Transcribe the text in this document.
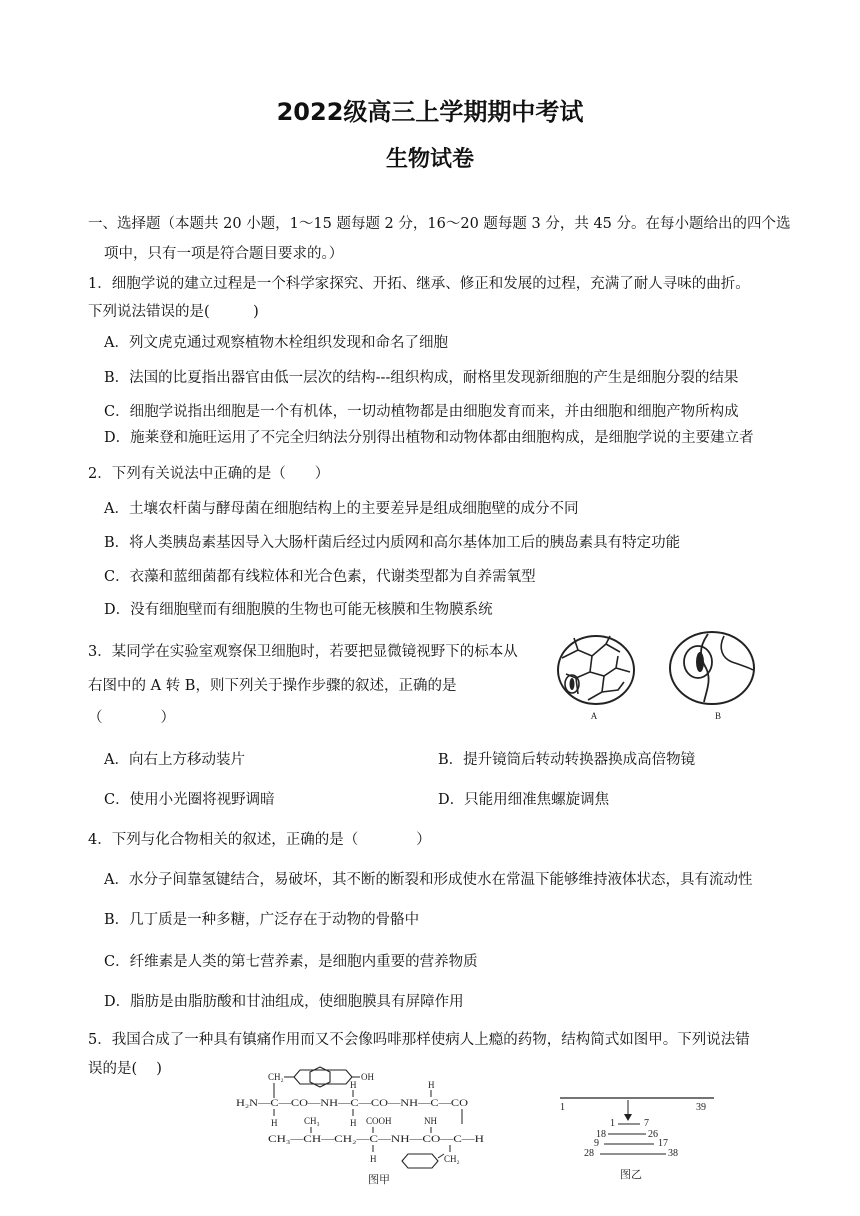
2022级高三上学期期中考试
生物试卷
一、选择题（本题共 20 小题，1～15 题每题 2 分，16～20 题每题 3 分，共 45 分。在每小题给出的四个选
项中，只有一项是符合题目要求的。）
1．细胞学说的建立过程是一个科学家探究、开拓、继承、修正和发展的过程，充满了耐人寻味的曲折。
下列说法错误的是(　　　)
A．列文虎克通过观察植物木栓组织发现和命名了细胞
B．法国的比夏指出器官由低一层次的结构---组织构成，耐格里发现新细胞的产生是细胞分裂的结果
C．细胞学说指出细胞是一个有机体，一切动植物都是由细胞发育而来，并由细胞和细胞产物所构成
D．施莱登和施旺运用了不完全归纳法分别得出植物和动物体都由细胞构成，是细胞学说的主要建立者
2．下列有关说法中正确的是（　　）
A．土壤农杆菌与酵母菌在细胞结构上的主要差异是组成细胞壁的成分不同
B．将人类胰岛素基因导入大肠杆菌后经过内质网和高尔基体加工后的胰岛素具有特定功能
C．衣藻和蓝细菌都有线粒体和光合色素，代谢类型都为自养需氧型
D．没有细胞壁而有细胞膜的生物也可能无核膜和生物膜系统
3．某同学在实验室观察保卫细胞时，若要把显微镜视野下的标本从
右图中的 A 转 B，则下列关于操作步骤的叙述，正确的是
（　　　　）	A	B
A．向右上方移动装片	B．提升镜筒后转动转换器换成高倍物镜
C．使用小光圈将视野调暗	D．只能用细准焦螺旋调焦
4．下列与化合物相关的叙述，正确的是（　　　　）
A．水分子间靠氢键结合，易破坏，其不断的断裂和形成使水在常温下能够维持液体状态，具有流动性
B．几丁质是一种多糖，广泛存在于动物的骨骼中
C．纤维素是人类的第七营养素，是细胞内重要的营养物质
D．脂肪是由脂肪酸和甘油组成，使细胞膜具有屏障作用
5．我国合成了一种具有镇痛作用而又不会像吗啡那样使病人上瘾的药物，结构简式如图甲。下列说法错
误的是(　 )	CH₂	OH
H₂N—C—CO—NH—C—CO—NH—C—CO
H	H
H	H
CH₃	COOH	NH
CH₃—CH—CH₂—C—NH—CO—C—H
H	CH₂
图甲
1	39
1	7
18	26
9	17
28	38
图乙
